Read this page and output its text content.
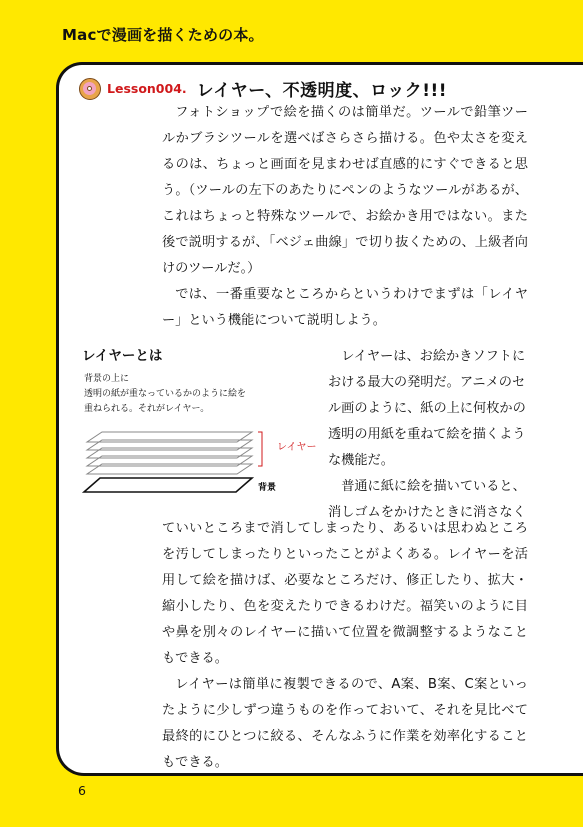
Macで漫画を描くための本。
Lesson004. レイヤー、不透明度、ロック!!!

フォトショップで絵を描くのは簡単だ。ツールで鉛筆ツールかブラシツールを選べばさらさら描ける。色や太さを変えるのは、ちょっと画面を見まわせば直感的にすぐできると思う。（ツールの左下のあたりにペンのようなツールがあるが、これはちょっと特殊なツールで、お絵かき用ではない。また後で説明するが、「ベジェ曲線」で切り抜くための、上級者向けのツールだ。）

では、一番重要なところからというわけでまずは「レイヤー」という機能について説明しよう。

レイヤーとは
背景の上に
透明の紙が重なっているかのように絵を
重ねられる。それがレイヤー。
レイヤー
背景

レイヤーは、お絵かきソフトにおける最大の発明だ。アニメのセル画のように、紙の上に何枚かの透明の用紙を重ねて絵を描くような機能だ。

普通に紙に絵を描いていると、消しゴムをかけたときに消さなく

ていいところまで消してしまったり、あるいは思わぬところを汚してしまったりといったことがよくある。レイヤーを活用して絵を描けば、必要なところだけ、修正したり、拡大・縮小したり、色を変えたりできるわけだ。福笑いのように目や鼻を別々のレイヤーに描いて位置を微調整するようなこともできる。

レイヤーは簡単に複製できるので、A案、B案、C案といったように少しずつ違うものを作っておいて、それを見比べて最終的にひとつに絞る、そんなふうに作業を効率化することもできる。

6
